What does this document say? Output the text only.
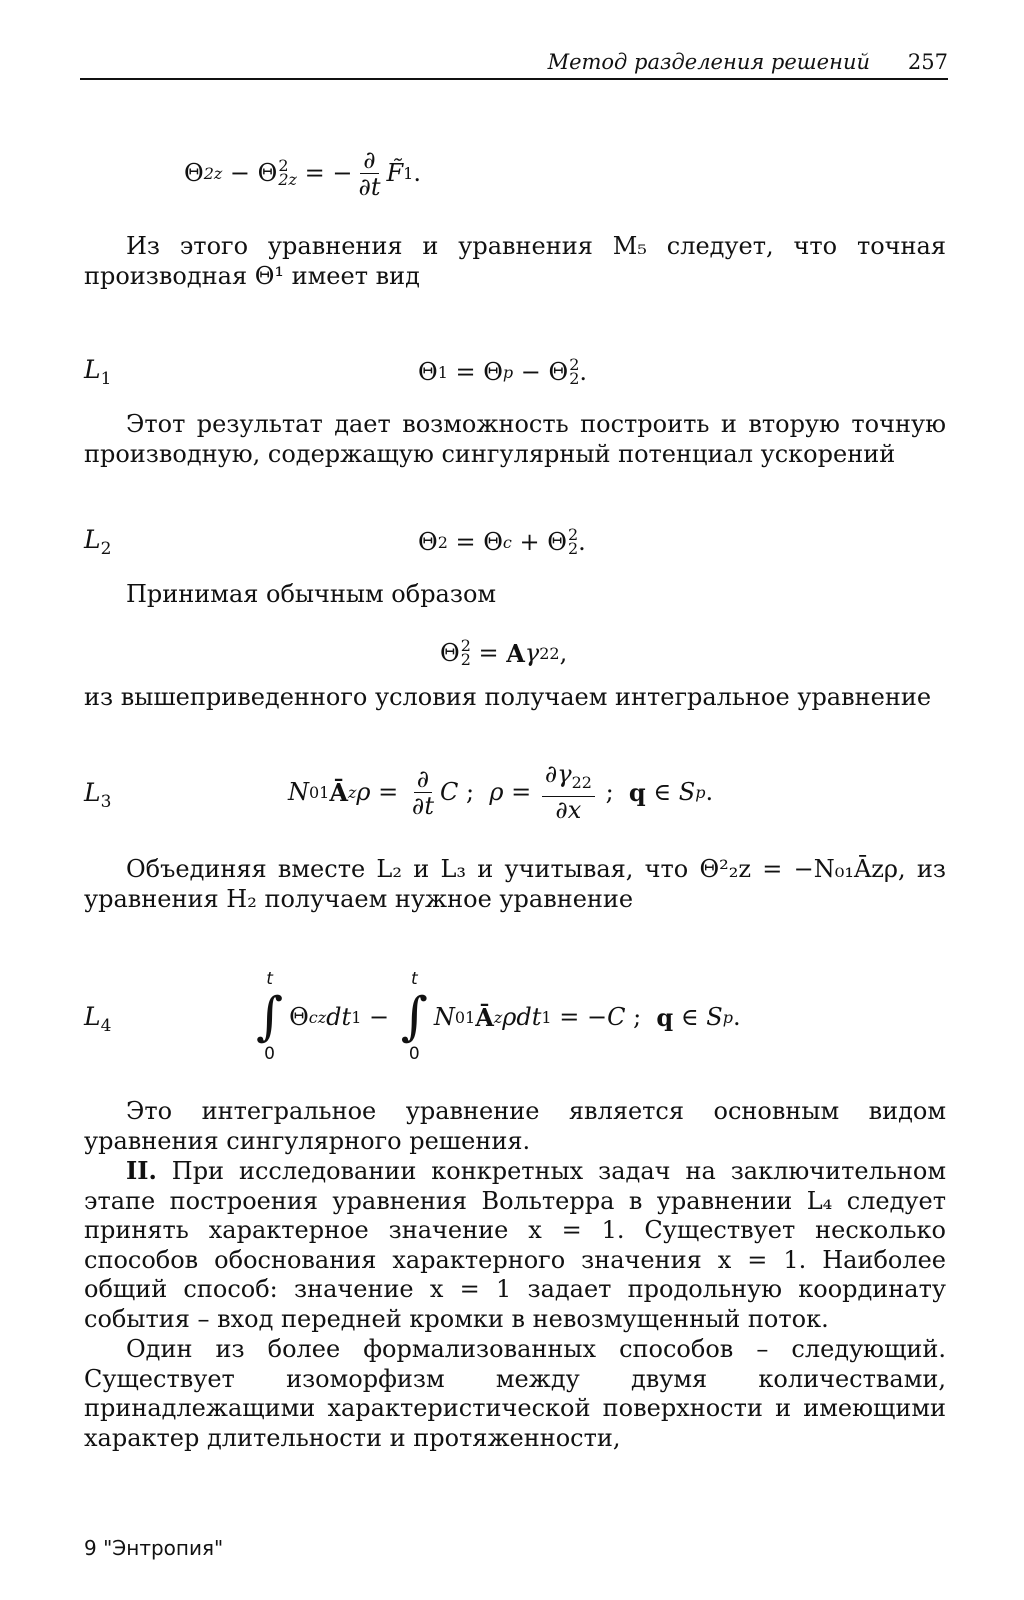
Метод разделения решений 257
Θ 2z − Θ 2
2z = − $\frac{\partial}{\partial t}$ F̃ 1 .

Из этого уравнения и уравнения M₅ следует, что точная производная Θ¹ имеет вид

$L_1$	Θ 1 = Θ p − Θ 2
2 .

Этот результат дает возможность построить и вторую точную производную, содержащую сингулярный потенциал ускорений

$L_2$	Θ 2 = Θ c + Θ 2
2 .

Принимая обычным образом

Θ 2
2 = A γ 22 ,

из вышеприведенного условия получаем интегральное уравнение

$L_3$	N 01 Ā z $\rho = \frac{\partial}{\partial t}$ C ; $\rho = \frac{\partial\gamma_{22}}{\partial x}$ ; q ∈ S p .

Объединяя вместе L₂ и L₃ и учитывая, что Θ²₂z = −N₀₁Āzρ, из уравнения H₂ получаем нужное уравнение

$L_4$
t
∫
0
Θ cz dt 1 −
t
∫
0
N 01 Ā z ρdt 1 = − C ; q ∈ S p .

Это интегральное уравнение является основным видом уравнения сингулярного решения.

II. При исследовании конкретных задач на заключительном этапе построения уравнения Вольтерра в уравнении L₄ следует принять характерное значение x = 1. Существует несколько способов обоснования характерного значения x = 1. Наиболее общий способ: значение x = 1 задает продольную координату события – вход передней кромки в невозмущенный поток.

Один из более формализованных способов – следующий. Существует изоморфизм между двумя количествами, принадлежащими характеристической поверхности и имеющими характер длительности и протяженности,

9 "Энтропия"
